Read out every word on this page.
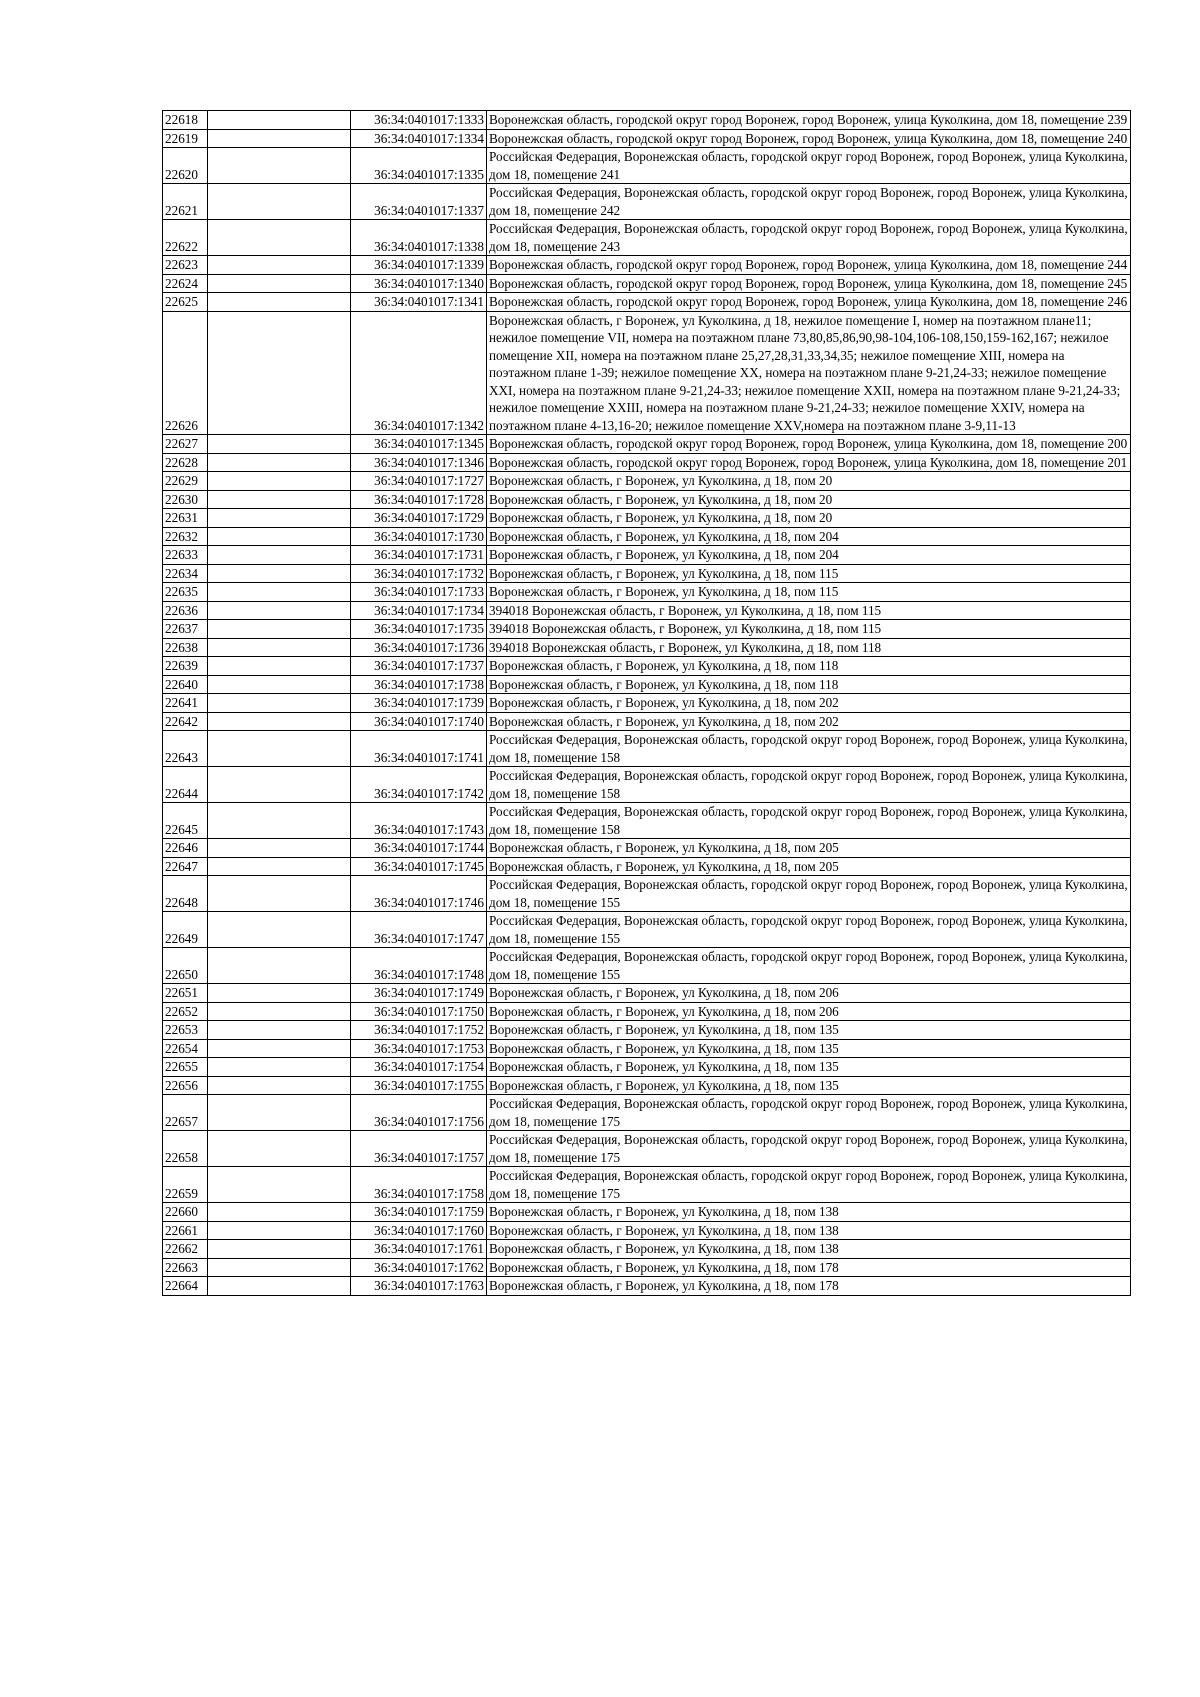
22618		36:34:0401017:1333	Воронежская область, городской округ город Воронеж, город Воронеж, улица Куколкина, дом 18, помещение 239
22619		36:34:0401017:1334	Воронежская область, городской округ город Воронеж, город Воронеж, улица Куколкина, дом 18, помещение 240
22620		36:34:0401017:1335	Российская Федерация, Воронежская область, городской округ город Воронеж, город Воронеж, улица Куколкина, дом 18, помещение 241
22621		36:34:0401017:1337	Российская Федерация, Воронежская область, городской округ город Воронеж, город Воронеж, улица Куколкина, дом 18, помещение 242
22622		36:34:0401017:1338	Российская Федерация, Воронежская область, городской округ город Воронеж, город Воронеж, улица Куколкина, дом 18, помещение 243
22623		36:34:0401017:1339	Воронежская область, городской округ город Воронеж, город Воронеж, улица Куколкина, дом 18, помещение 244
22624		36:34:0401017:1340	Воронежская область, городской округ город Воронеж, город Воронеж, улица Куколкина, дом 18, помещение 245
22625		36:34:0401017:1341	Воронежская область, городской округ город Воронеж, город Воронеж, улица Куколкина, дом 18, помещение 246
22626		36:34:0401017:1342	Воронежская область, г Воронеж, ул Куколкина, д 18, нежилое помещение I, номер на поэтажном плане11; нежилое помещение VII, номера на поэтажном плане 73,80,85,86,90,98-104,106-108,150,159-162,167; нежилое помещение XII, номера на поэтажном плане 25,27,28,31,33,34,35; нежилое помещение XIII, номера на поэтажном плане 1-39; нежилое помещение XX, номера на поэтажном плане 9-21,24-33; нежилое помещение XXI, номера на поэтажном плане 9-21,24-33; нежилое помещение XXII, номера на поэтажном плане 9-21,24-33; нежилое помещение XXIII, номера на поэтажном плане 9-21,24-33; нежилое помещение XXIV, номера на поэтажном плане 4-13,16-20; нежилое помещение XXV,номера на поэтажном плане 3-9,11-13
22627		36:34:0401017:1345	Воронежская область, городской округ город Воронеж, город Воронеж, улица Куколкина, дом 18, помещение 200
22628		36:34:0401017:1346	Воронежская область, городской округ город Воронеж, город Воронеж, улица Куколкина, дом 18, помещение 201
22629		36:34:0401017:1727	Воронежская область, г Воронеж, ул Куколкина, д 18, пом 20
22630		36:34:0401017:1728	Воронежская область, г Воронеж, ул Куколкина, д 18, пом 20
22631		36:34:0401017:1729	Воронежская область, г Воронеж, ул Куколкина, д 18, пом 20
22632		36:34:0401017:1730	Воронежская область, г Воронеж, ул Куколкина, д 18, пом 204
22633		36:34:0401017:1731	Воронежская область, г Воронеж, ул Куколкина, д 18, пом 204
22634		36:34:0401017:1732	Воронежская область, г Воронеж, ул Куколкина, д 18, пом 115
22635		36:34:0401017:1733	Воронежская область, г Воронеж, ул Куколкина, д 18, пом 115
22636		36:34:0401017:1734	394018 Воронежская область, г Воронеж, ул Куколкина, д 18, пом 115
22637		36:34:0401017:1735	394018 Воронежская область, г Воронеж, ул Куколкина, д 18, пом 115
22638		36:34:0401017:1736	394018 Воронежская область, г Воронеж, ул Куколкина, д 18, пом 118
22639		36:34:0401017:1737	Воронежская область, г Воронеж, ул Куколкина, д 18, пом 118
22640		36:34:0401017:1738	Воронежская область, г Воронеж, ул Куколкина, д 18, пом 118
22641		36:34:0401017:1739	Воронежская область, г Воронеж, ул Куколкина, д 18, пом 202
22642		36:34:0401017:1740	Воронежская область, г Воронеж, ул Куколкина, д 18, пом 202
22643		36:34:0401017:1741	Российская Федерация, Воронежская область, городской округ город Воронеж, город Воронеж, улица Куколкина, дом 18, помещение 158
22644		36:34:0401017:1742	Российская Федерация, Воронежская область, городской округ город Воронеж, город Воронеж, улица Куколкина, дом 18, помещение 158
22645		36:34:0401017:1743	Российская Федерация, Воронежская область, городской округ город Воронеж, город Воронеж, улица Куколкина, дом 18, помещение 158
22646		36:34:0401017:1744	Воронежская область, г Воронеж, ул Куколкина, д 18, пом 205
22647		36:34:0401017:1745	Воронежская область, г Воронеж, ул Куколкина, д 18, пом 205
22648		36:34:0401017:1746	Российская Федерация, Воронежская область, городской округ город Воронеж, город Воронеж, улица Куколкина, дом 18, помещение 155
22649		36:34:0401017:1747	Российская Федерация, Воронежская область, городской округ город Воронеж, город Воронеж, улица Куколкина, дом 18, помещение 155
22650		36:34:0401017:1748	Российская Федерация, Воронежская область, городской округ город Воронеж, город Воронеж, улица Куколкина, дом 18, помещение 155
22651		36:34:0401017:1749	Воронежская область, г Воронеж, ул Куколкина, д 18, пом 206
22652		36:34:0401017:1750	Воронежская область, г Воронеж, ул Куколкина, д 18, пом 206
22653		36:34:0401017:1752	Воронежская область, г Воронеж, ул Куколкина, д 18, пом 135
22654		36:34:0401017:1753	Воронежская область, г Воронеж, ул Куколкина, д 18, пом 135
22655		36:34:0401017:1754	Воронежская область, г Воронеж, ул Куколкина, д 18, пом 135
22656		36:34:0401017:1755	Воронежская область, г Воронеж, ул Куколкина, д 18, пом 135
22657		36:34:0401017:1756	Российская Федерация, Воронежская область, городской округ город Воронеж, город Воронеж, улица Куколкина, дом 18, помещение 175
22658		36:34:0401017:1757	Российская Федерация, Воронежская область, городской округ город Воронеж, город Воронеж, улица Куколкина, дом 18, помещение 175
22659		36:34:0401017:1758	Российская Федерация, Воронежская область, городской округ город Воронеж, город Воронеж, улица Куколкина, дом 18, помещение 175
22660		36:34:0401017:1759	Воронежская область, г Воронеж, ул Куколкина, д 18, пом 138
22661		36:34:0401017:1760	Воронежская область, г Воронеж, ул Куколкина, д 18, пом 138
22662		36:34:0401017:1761	Воронежская область, г Воронеж, ул Куколкина, д 18, пом 138
22663		36:34:0401017:1762	Воронежская область, г Воронеж, ул Куколкина, д 18, пом 178
22664		36:34:0401017:1763	Воронежская область, г Воронеж, ул Куколкина, д 18, пом 178
